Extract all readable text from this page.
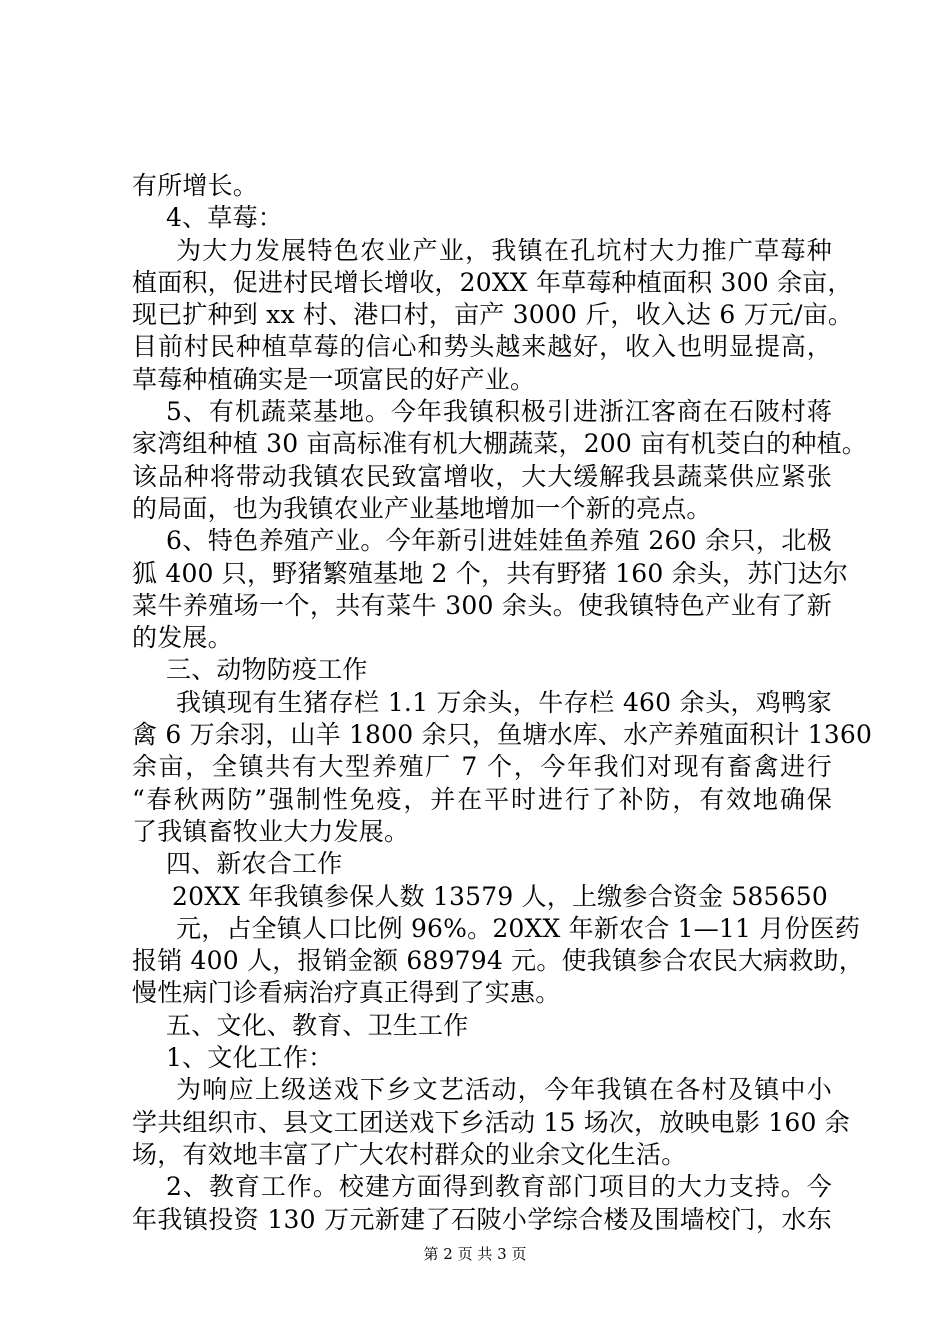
有所增长。
4、草莓：
为大力发展特色农业产业，我镇在孔坑村大力推广草莓种
植面积，促进村民增长增收，20XX 年草莓种植面积 300 余亩，
现已扩种到 xx 村、港口村，亩产 3000 斤，收入达 6 万元/亩。
目前村民种植草莓的信心和势头越来越好，收入也明显提高，
草莓种植确实是一项富民的好产业。
5、有机蔬菜基地。今年我镇积极引进浙江客商在石陂村蒋
家湾组种植 30 亩高标准有机大棚蔬菜，200 亩有机茭白的种植。
该品种将带动我镇农民致富增收，大大缓解我县蔬菜供应紧张
的局面，也为我镇农业产业基地增加一个新的亮点。
6、特色养殖产业。今年新引进娃娃鱼养殖 260 余只，北极
狐 400 只，野猪繁殖基地 2 个，共有野猪 160 余头，苏门达尔
菜牛养殖场一个，共有菜牛 300 余头。使我镇特色产业有了新
的发展。
三、动物防疫工作
我镇现有生猪存栏 1.1 万余头，牛存栏 460 余头，鸡鸭家
禽 6 万余羽，山羊 1800 余只，鱼塘水库、水产养殖面积计 1360
余亩，全镇共有大型养殖厂 7 个，今年我们对现有畜禽进行
“春秋两防”强制性免疫，并在平时进行了补防，有效地确保
了我镇畜牧业大力发展。
四、新农合工作
20XX 年我镇参保人数 13579 人，上缴参合资金 585650
元，占全镇人口比例 96%。20XX 年新农合 1—11 月份医药
报销 400 人，报销金额 689794 元。使我镇参合农民大病救助，
慢性病门诊看病治疗真正得到了实惠。
五、文化、教育、卫生工作
1、文化工作：
为响应上级送戏下乡文艺活动，今年我镇在各村及镇中小
学共组织市、县文工团送戏下乡活动 15 场次，放映电影 160 余
场，有效地丰富了广大农村群众的业余文化生活。
2、教育工作。校建方面得到教育部门项目的大力支持。今
年我镇投资 130 万元新建了石陂小学综合楼及围墙校门，水东
第 2 页 共 3 页
